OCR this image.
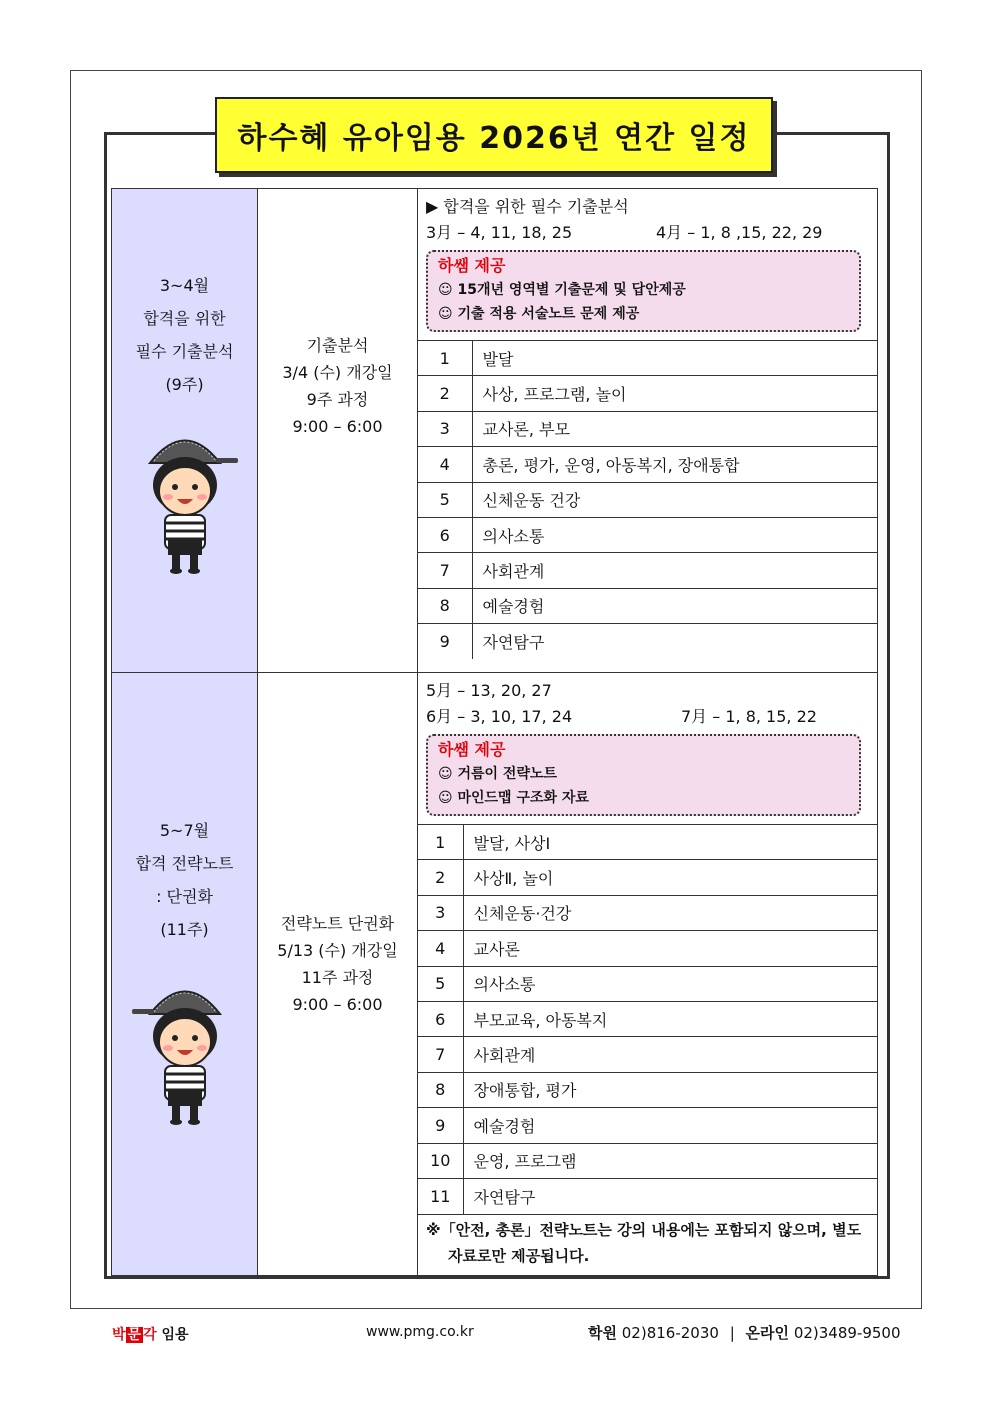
하수혜 유아임용 2026년 연간 일정
3~4월
합격을 위한
필수 기출분석
(9주)

기출분석
3/4 (수) 개강일
9주 과정
9:00 – 6:00

▶ 합격을 위한 필수 기출분석
3月 – 4, 11, 18, 25	4月 – 1, 8 ,15, 22, 29
하쌤 제공
☺ 15개년 영역별 기출문제 및 답안제공
☺ 기출 적용 서술노트 문제 제공
1	발달
2	사상, 프로그램, 놀이
3	교사론, 부모
4	총론, 평가, 운영, 아동복지, 장애통합
5	신체운동 건강
6	의사소통
7	사회관계
8	예술경험
9	자연탐구
5~7월
합격 전략노트
: 단권화
(11주)	전략노트 단권화
5/13 (수) 개강일
11주 과정
9:00 – 6:00

5月 – 13, 20, 27
6月 – 3, 10, 17, 24	7月 – 1, 8, 15, 22
하쌤 제공
☺ 거름이 전략노트
☺ 마인드맵 구조화 자료
1	발달, 사상Ⅰ
2	사상Ⅱ, 놀이
3	신체운동·건강
4	교사론
5	의사소통
6	부모교육, 아동복지
7	사회관계
8	장애통합, 평가
9	예술경험
10	운영, 프로그램
11	자연탐구
※「안전, 총론」전략노트는 강의 내용에는 포함되지 않으며, 별도
자료로만 제공됩니다.
박 문 각 임용	www.pmg.co.kr	학원 02)816-2030 | 온라인 02)3489-9500
